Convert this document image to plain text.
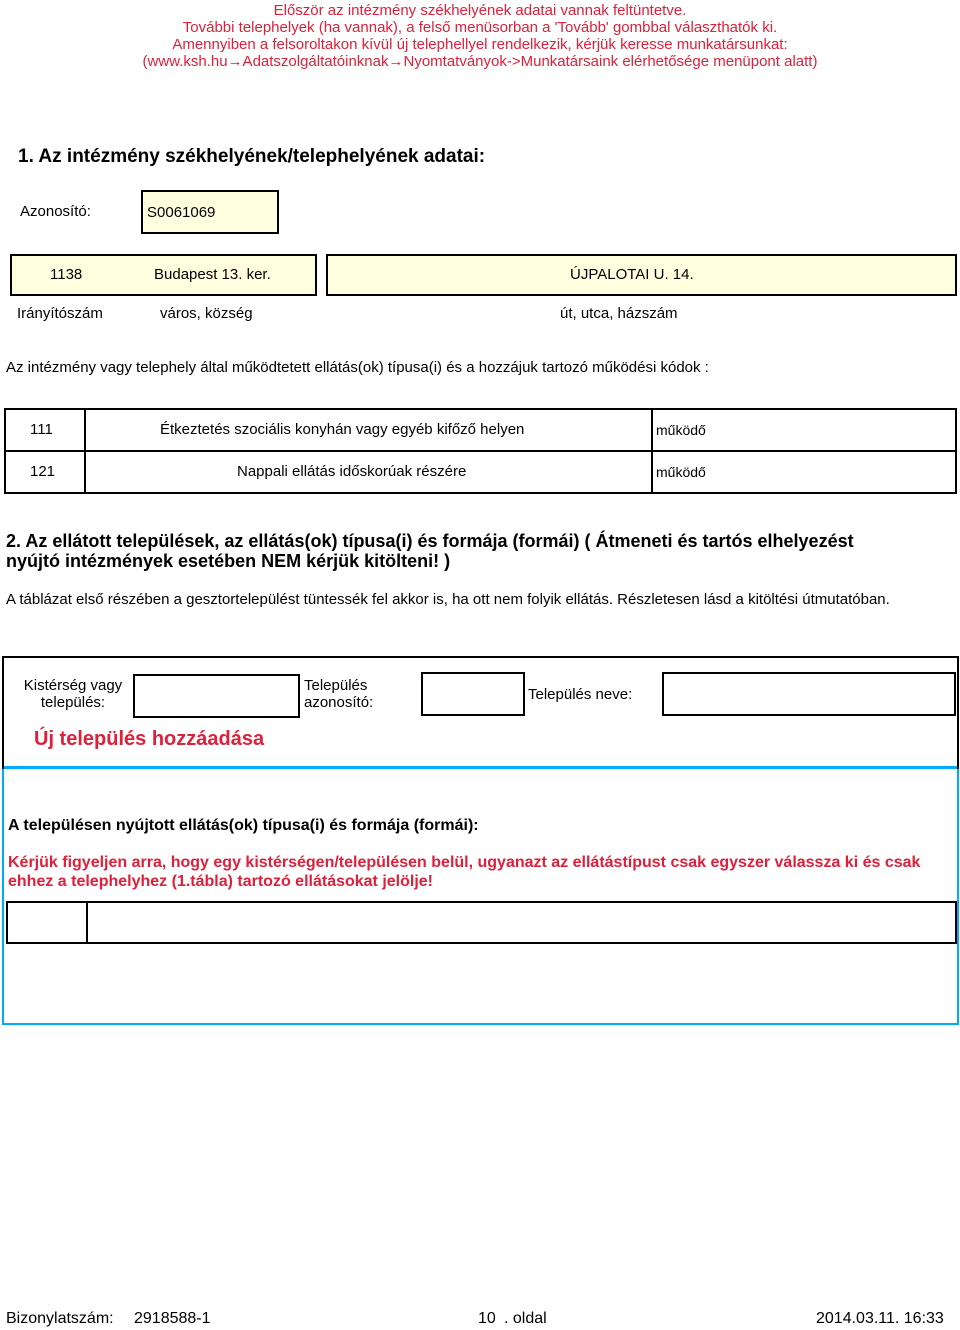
Először az intézmény székhelyének adatai vannak feltüntetve.
További telephelyek (ha vannak), a felső menüsorban a 'Tovább' gombbal választhatók ki.
Amennyiben a felsoroltakon kívül új telephellyel rendelkezik, kérjük keresse munkatársunkat:
(www.ksh.hu→Adatszolgáltatóinknak→Nyomtatványok->Munkatársaink elérhetősége menüpont alatt)
1. Az intézmény székhelyének/telephelyének adatai:
Azonosító:	S0061069
1138	Budapest 13. ker.	ÚJPALOTAI U. 14.
Irányítószám	város, község	út, utca, házszám
Az intézmény vagy telephely által működtetett ellátás(ok) típusa(i) és a hozzájuk tartozó működési kódok :
111	Étkeztetés szociális konyhán vagy egyéb kifőző helyen	működő
121	Nappali ellátás időskorúak részére	működő
2. Az ellátott települések, az ellátás(ok) típusa(i) és formája (formái) ( Átmeneti és tartós elhelyezést nyújtó intézmények esetében NEM kérjük kitölteni! )
A táblázat első részében a gesztortelepülést tüntessék fel akkor is, ha ott nem folyik ellátás. Részletesen lásd a kitöltési útmutatóban.
Kistérség vagy település:
Település azonosító:	Település neve:
Új település hozzáadása
A településen nyújtott ellátás(ok) típusa(i) és formája (formái):
Kérjük figyeljen arra, hogy egy kistérségen/településen belül, ugyanazt az ellátástípust csak egyszer válassza ki és csak ehhez a telephelyhez (1.tábla) tartozó ellátásokat jelölje!
Bizonylatszám: 2918588-1	10 . oldal	2014.03.11. 16:33
